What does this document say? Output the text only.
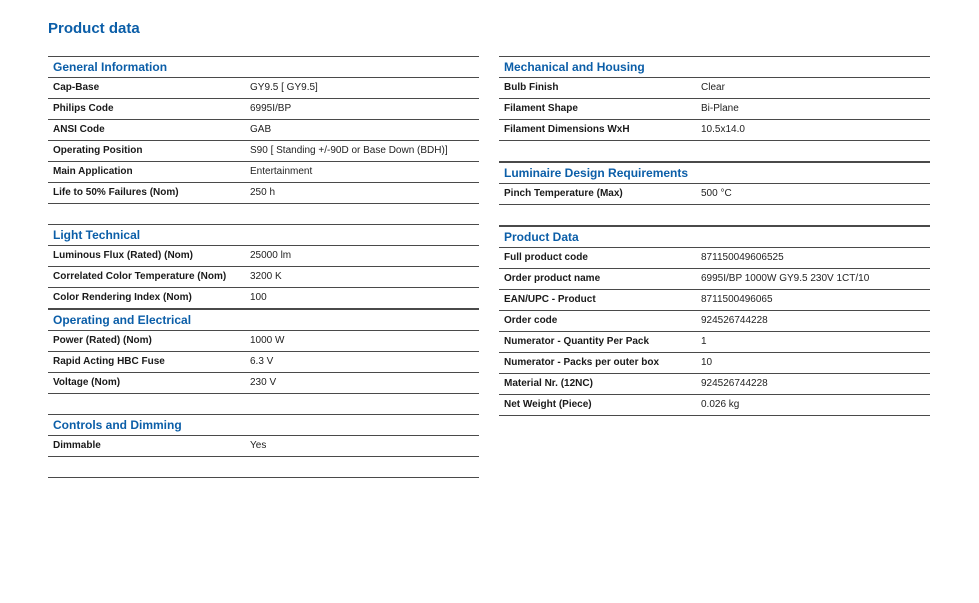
Product data
General Information
Cap-Base	GY9.5 [ GY9.5]
Philips Code	6995I/BP
ANSI Code	GAB
Operating Position	S90 [ Standing +/-90D or Base Down (BDH)]
Main Application	Entertainment
Life to 50% Failures (Nom)	250 h
Light Technical
Luminous Flux (Rated) (Nom)	25000 lm
Correlated Color Temperature (Nom)	3200 K
Color Rendering Index (Nom)	100
Operating and Electrical
Power (Rated) (Nom)	1000 W
Rapid Acting HBC Fuse	6.3 V
Voltage (Nom)	230 V
Controls and Dimming
Dimmable	Yes
Mechanical and Housing
Bulb Finish	Clear
Filament Shape	Bi-Plane
Filament Dimensions WxH	10.5x14.0
Luminaire Design Requirements
Pinch Temperature (Max)	500 °C
Product Data
Full product code	871150049606525
Order product name	6995I/BP 1000W GY9.5 230V 1CT/10
EAN/UPC - Product	8711500496065
Order code	924526744228
Numerator - Quantity Per Pack	1
Numerator - Packs per outer box	10
Material Nr. (12NC)	924526744228
Net Weight (Piece)	0.026 kg
